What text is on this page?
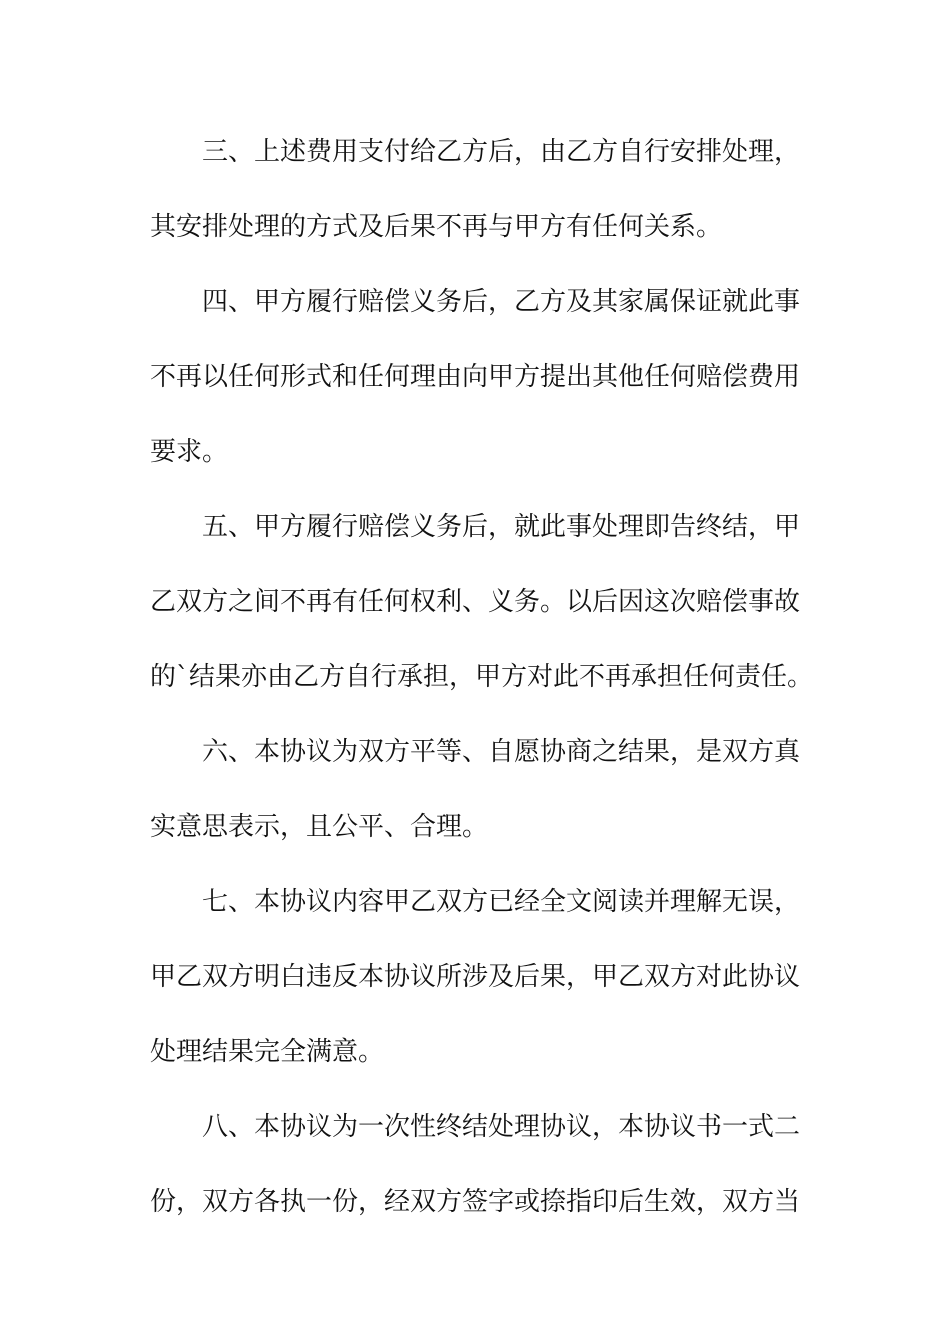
三、上述费用支付给乙方后，由乙方自行安排处理，
其安排处理的方式及后果不再与甲方有任何关系。
四、甲方履行赔偿义务后，乙方及其家属保证就此事
不再以任何形式和任何理由向甲方提出其他任何赔偿费用
要求。
五、甲方履行赔偿义务后，就此事处理即告终结，甲
乙双方之间不再有任何权利、义务。以后因这次赔偿事故
的`结果亦由乙方自行承担，甲方对此不再承担任何责任。
六、本协议为双方平等、自愿协商之结果，是双方真
实意思表示，且公平、合理。
七、本协议内容甲乙双方已经全文阅读并理解无误，
甲乙双方明白违反本协议所涉及后果，甲乙双方对此协议
处理结果完全满意。
八、本协议为一次性终结处理协议，本协议书一式二
份，双方各执一份，经双方签字或捺指印后生效，双方当
